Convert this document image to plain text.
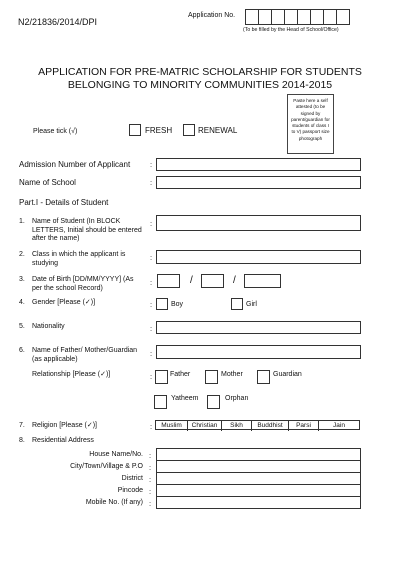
N2/21836/2014/DPI
Application No.
(To be filled by the Head of School/Office)
APPLICATION FOR PRE-MATRIC SCHOLARSHIP FOR STUDENTS
BELONGING TO MINORITY COMMUNITIES 2014-2015
Paste here a self attested (to be signed by parent/guardian for students of class I to V) passport size photograph
Please tick (√)	FRESH	RENEWAL
Admission Number of Applicant	:
Name of School	:
Part.I - Details of Student
1. Name of Student (In BLOCK LETTERS, Initial should be entered after the name)
:
2. Class in which the applicant is studying
:
3. Date of Birth [DD/MM/YYYY] (As per the school Record)
:	/	/
4. Gender [Please (✓)]	:	Boy	Girl
5. Nationality	:
6. Name of Father/ Mother/Guardian (as applicable)
:
Relationship [Please (✓)]	:	Father	Mother	Guardian
Yatheem	Orphan
7. Religion [Please (✓)]	:	Muslim	Christian	Sikh	Buddhist	Parsi	Jain
8. Residential Address
House Name/No. :
City/Town/Village & P.O :
District :
Pincode :
Mobile No. (If any) :
